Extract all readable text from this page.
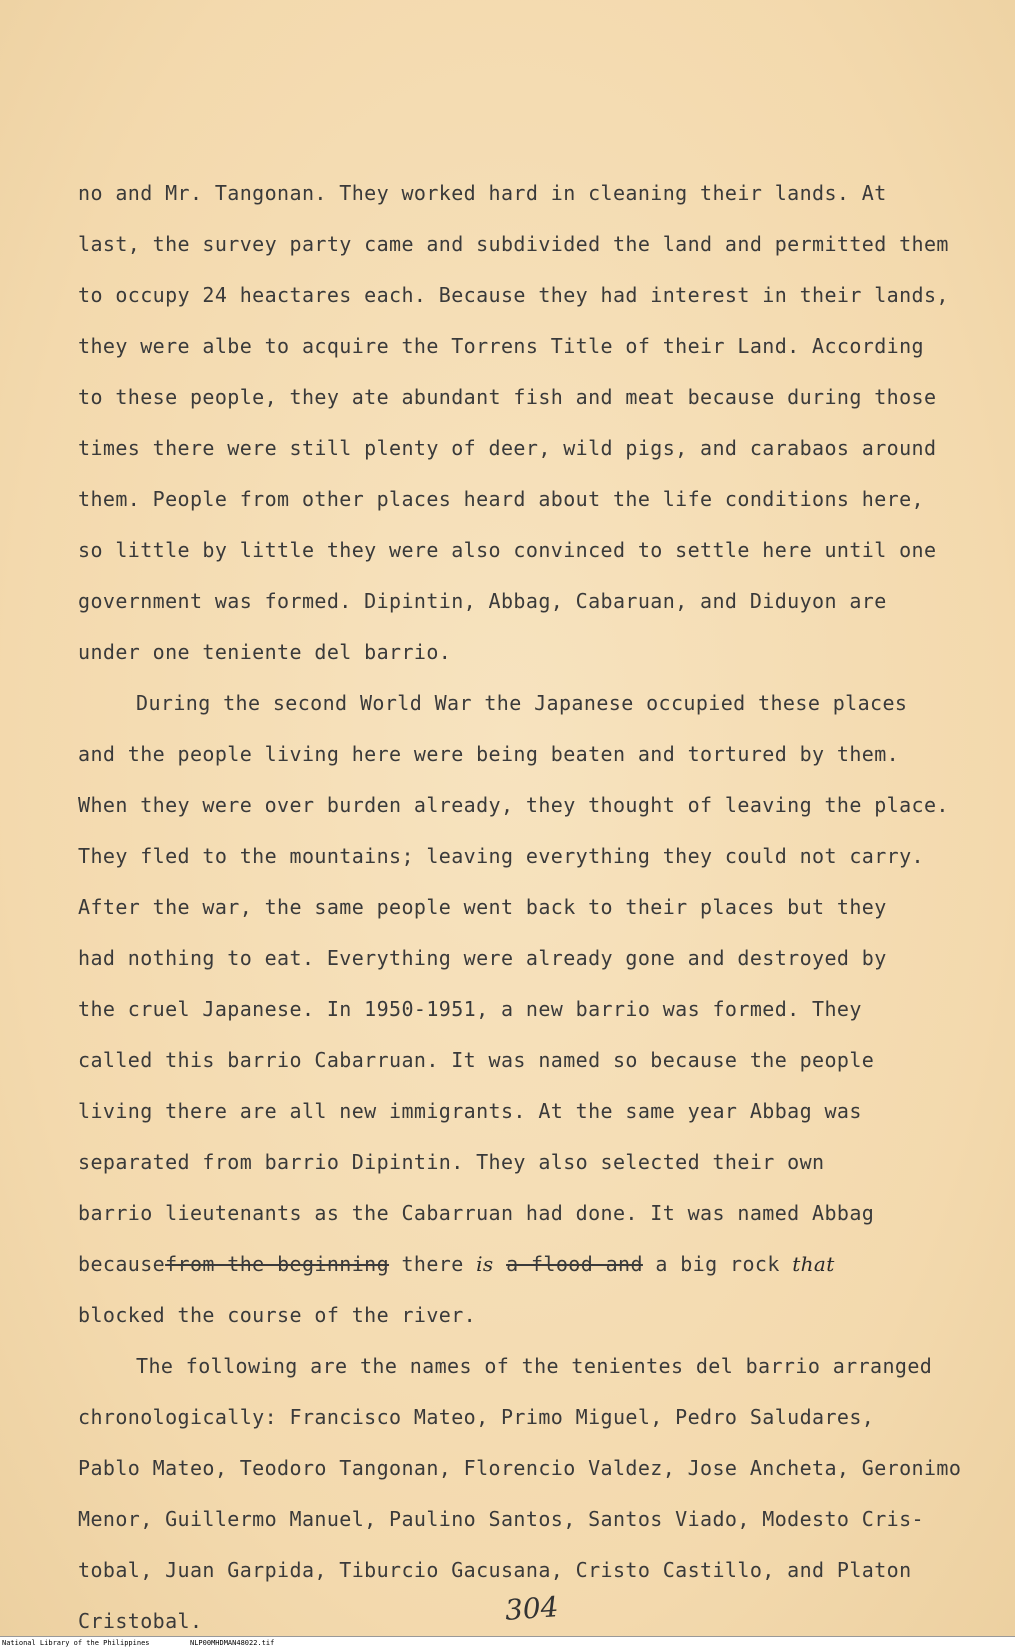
no and Mr. Tangonan. They worked hard in cleaning their lands. At
last, the survey party came and subdivided the land and permitted them
to occupy 24 heactares each. Because they had interest in their lands,
they were albe to acquire the Torrens Title of their Land. According
to these people, they ate abundant fish and meat because during those
times there were still plenty of deer, wild pigs, and carabaos around
them. People from other places heard about the life conditions here,
so little by little they were also convinced to settle here until one
government was formed. Dipintin, Abbag, Cabaruan, and Diduyon are
under one teniente del barrio.
During the second World War the Japanese occupied these places
and the people living here were being beaten and tortured by them.
When they were over burden already, they thought of leaving the place.
They fled to the mountains; leaving everything they could not carry.
After the war, the same people went back to their places but they
had nothing to eat. Everything were already gone and destroyed by
the cruel Japanese. In 1950-1951, a new barrio was formed. They
called this barrio Cabarruan. It was named so because the people
living there are all new immigrants. At the same year Abbag was
separated from barrio Dipintin. They also selected their own
barrio lieutenants as the Cabarruan had done. It was named Abbag
becausefrom the beginning there is a flood and a big rock that
blocked the course of the river.
The following are the names of the tenientes del barrio arranged
chronologically: Francisco Mateo, Primo Miguel, Pedro Saludares,
Pablo Mateo, Teodoro Tangonan, Florencio Valdez, Jose Ancheta, Geronimo
Menor, Guillermo Manuel, Paulino Santos, Santos Viado, Modesto Cris-
tobal, Juan Garpida, Tiburcio Gacusana, Cristo Castillo, and Platon
Cristobal.	304
National Library of the Philippines	NLP00MHDMAN48022.tif
